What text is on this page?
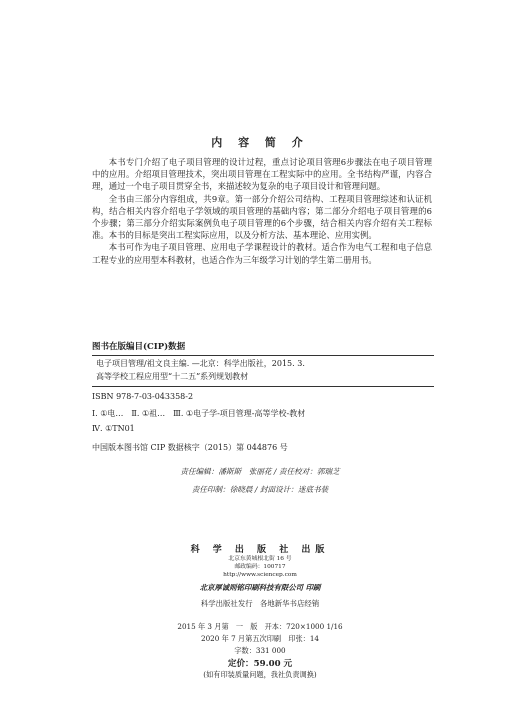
内 容 简 介

本书专门介绍了电子项目管理的设计过程，重点讨论项目管理6步骤法在电子项目管理中的应用。介绍项目管理技术，突出项目管理在工程实际中的应用。全书结构严谨，内容合理，通过一个电子项目贯穿全书，来描述较为复杂的电子项目设计和管理问题。

全书由三部分内容组成，共9章。第一部分介绍公司结构、工程项目管理综述和认证机构，结合相关内容介绍电子学领域的项目管理的基础内容；第二部分介绍电子项目管理的6个步骤；第三部分介绍实际案例负电子项目管理的6个步骤，结合相关内容介绍有关工程标准。本书的目标是突出工程实际应用，以及分析方法、基本理论、应用实例。

本书可作为电子项目管理、应用电子学课程设计的教材。适合作为电气工程和电子信息工程专业的应用型本科教材，也适合作为三年级学习计划的学生第二册用书。

图书在版编目(CIP)数据
电子项目管理/祖文良主编. —北京：科学出版社，2015. 3.
高等学校工程应用型“十二五”系列规划教材
ISBN 978-7-03-043358-2
Ⅰ. ①电…　Ⅱ. ①祖…　Ⅲ. ①电子学-项目管理-高等学校-教材
Ⅳ. ①TN01
中国版本图书馆 CIP 数据核字（2015）第 044876 号
责任编辑：潘斯斯　张丽花 / 责任校对：郭瑞芝
责任印制：徐晓晨 / 封面设计：迷底书装
科 学 出 版 社 出版
北京东黄城根北街 16 号
邮政编码：100717
http://www.sciencep.com
北京厚诚则铭印刷科技有限公司 印刷
科学出版社发行　各地新华书店经销
2015 年 3 月第　一　版　开本：720×1000 1/16
2020 年 7 月第五次印刷　印张：14
字数：331 000
定价：59.00 元
(如有印装质量问题，我社负责调换)
